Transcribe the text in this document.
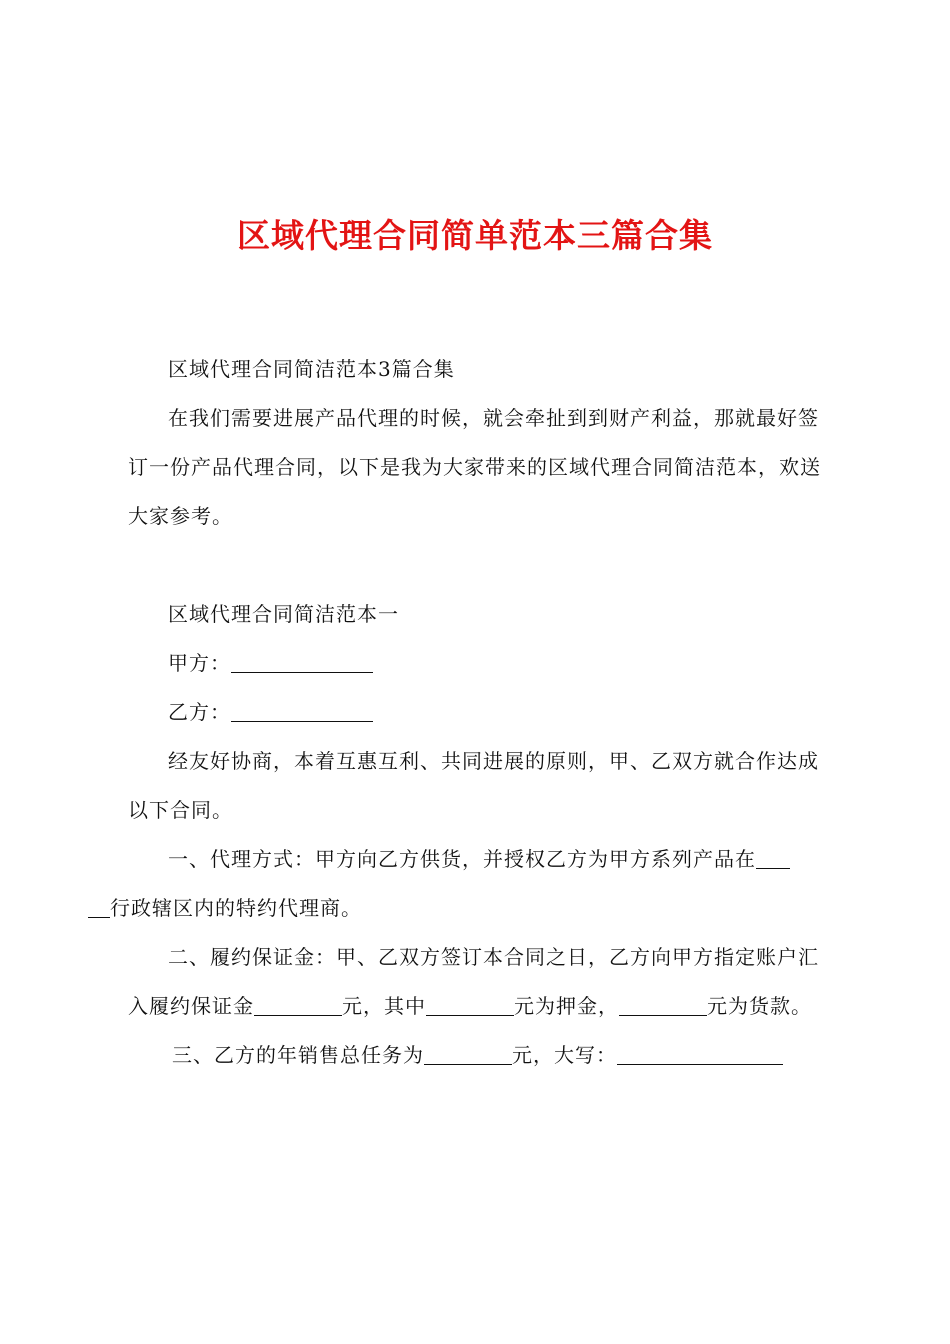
区域代理合同简单范本三篇合集

区域代理合同简洁范本3篇合集

在我们需要进展产品代理的时候，就会牵扯到到财产利益，那就最好签订一份产品代理合同，以下是我为大家带来的区域代理合同简洁范本，欢送大家参考。

区域代理合同简洁范本一

甲方：

乙方：

经友好协商，本着互惠互利、共同进展的原则，甲、乙双方就合作达成以下合同。

一、代理方式：甲方向乙方供货，并授权乙方为甲方系列产品在
行政辖区内的特约代理商。

二、履约保证金：甲、乙双方签订本合同之日，乙方向甲方指定账户汇入履约保证金	元，其中	元为押金，	元为货款。

三、乙方的年销售总任务为	元，大写：
